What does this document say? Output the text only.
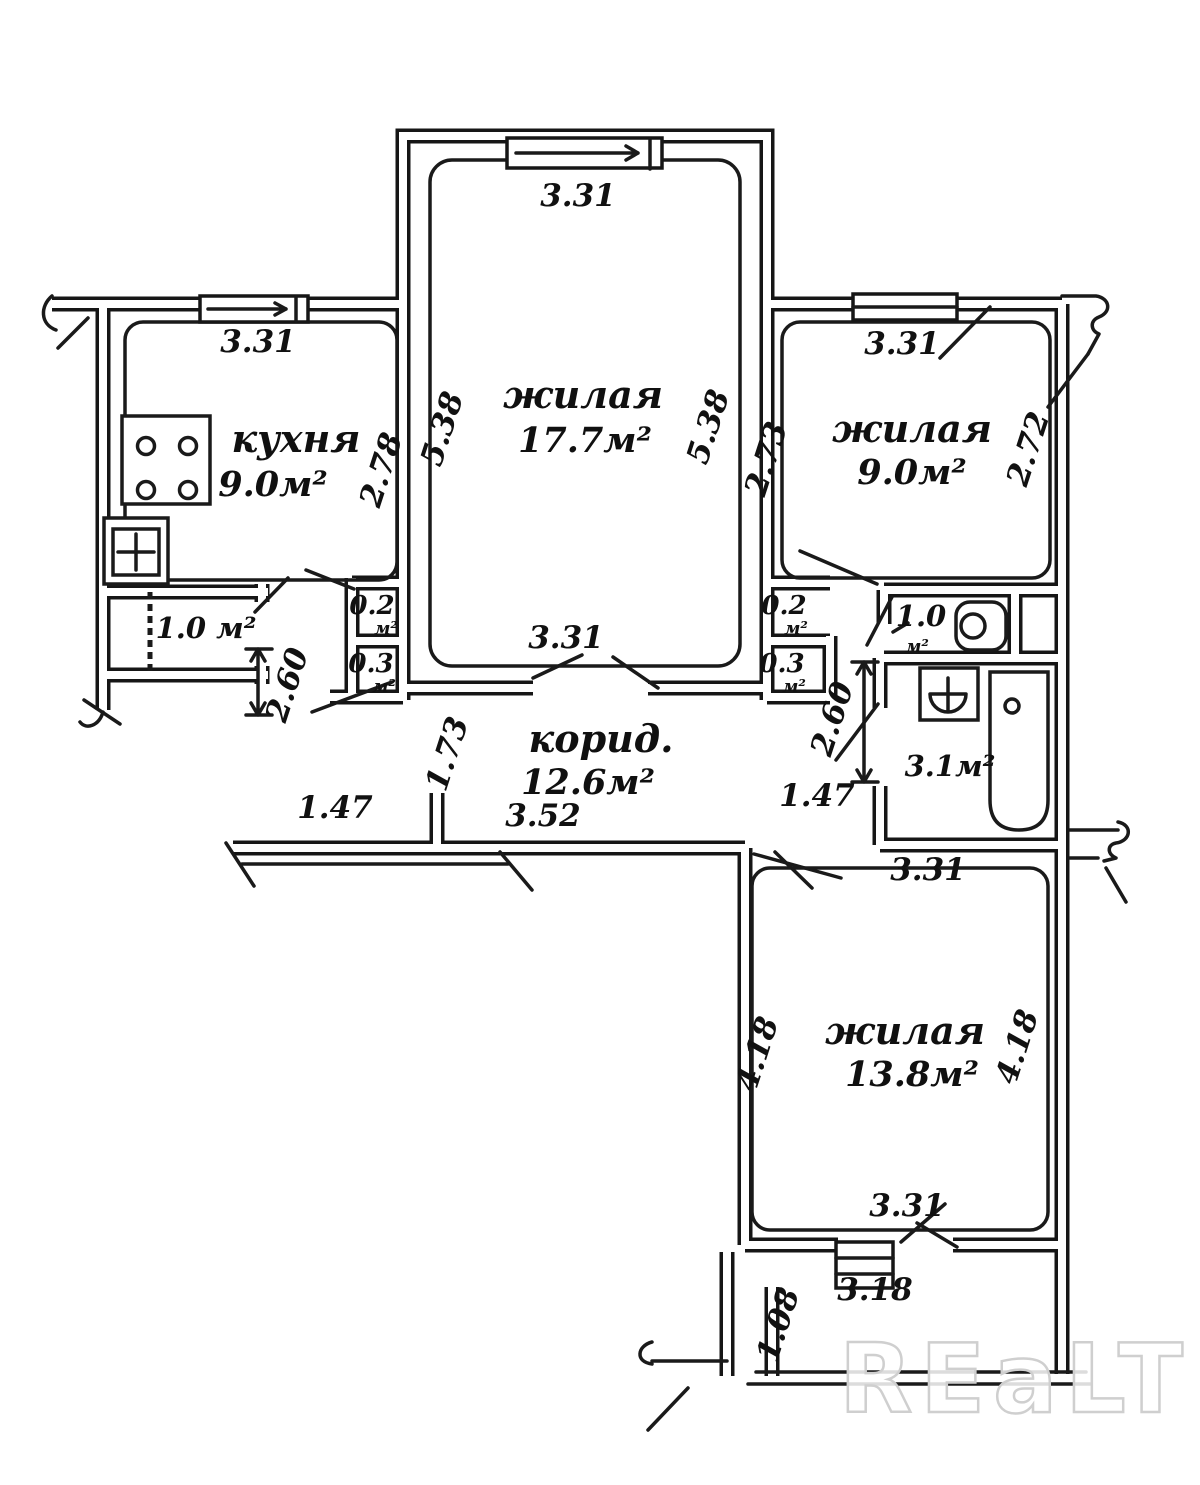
3.31
3.31	3.31
3.31
3.31
3.31
1.47	3.52
1.47
3.18
5.38	5.38
2.78	2.73	2.72
2.60	2.60
1.73
4.18	4.18
1.08
жилая
17.7м²
кухня
9.0м²
жилая
9.0м²
корид.
12.6м²
жилая
13.8м²
3.1м²
1.0
м²
1.0 м²
0.2
м²
0.3
м²
0.2
м²
0.3
м²
REaLT
